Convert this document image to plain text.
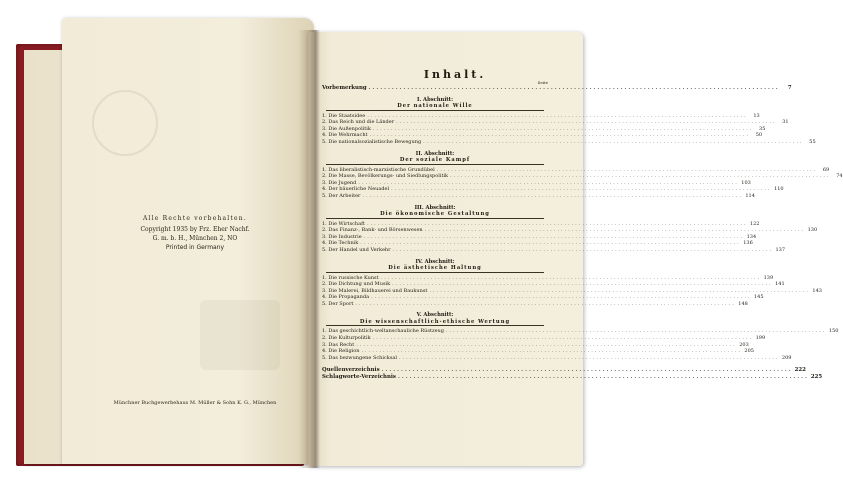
Alle Rechte vorbehalten.
Copyright 1935 by Frz. Eher Nachf.
G. m. b. H., München 2, NO
Printed in Germany
Münchner Buchgewerbehaus M. Müller & Sohn K. G., München
Inhalt.
Seite
Vorbemerkung ..........................................................................................................	7
I. Abschnitt:
Der nationale Wille
1. Die Staatsidee ..........................................................................................................	13
2. Das Reich und die Länder ..........................................................................................................	31
3. Die Außenpolitik ..........................................................................................................	35
4. Die Wehrmacht ..........................................................................................................	50
5. Die nationalsozialistische Bewegung ..........................................................................................................	55
II. Abschnitt:
Der soziale Kampf
1. Das liberalistisch-marxistische Grundübel ..........................................................................................................	69
2. Die Masse, Bevölkerungs- und Siedlungspolitik ..........................................................................................................	74
3. Die Jugend .......................................................................................................... 103
4. Der bäuerliche Neuadel .......................................................................................................... 110
5. Der Arbeiter .......................................................................................................... 114
III. Abschnitt:
Die ökonomische Gestaltung
1. Die Wirtschaft .......................................................................................................... 122
2. Das Finanz-, Bank- und Börsenwesen .......................................................................................................... 130
3. Die Industrie .......................................................................................................... 134
4. Die Technik .......................................................................................................... 136
5. Der Handel und Verkehr .......................................................................................................... 137
IV. Abschnitt:
Die ästhetische Haltung
1. Die russische Kunst .......................................................................................................... 139
2. Die Dichtung und Musik .......................................................................................................... 141
3. Die Malerei, Bildhauerei und Baukunst .......................................................................................................... 143
4. Die Propaganda .......................................................................................................... 145
5. Der Sport .......................................................................................................... 148
V. Abschnitt:
Die wissenschaftlich-ethische Wertung
1. Das geschichtlich-weltanschauliche Rüstzeug .......................................................................................................... 150
2. Die Kulturpolitik .......................................................................................................... 199
3. Das Recht .......................................................................................................... 203
4. Die Religion .......................................................................................................... 205
5. Das bezwungene Schicksal .......................................................................................................... 209
Quellenverzeichnis .......................................................................................................... 222
Schlagworte-Verzeichnis .......................................................................................................... 225
